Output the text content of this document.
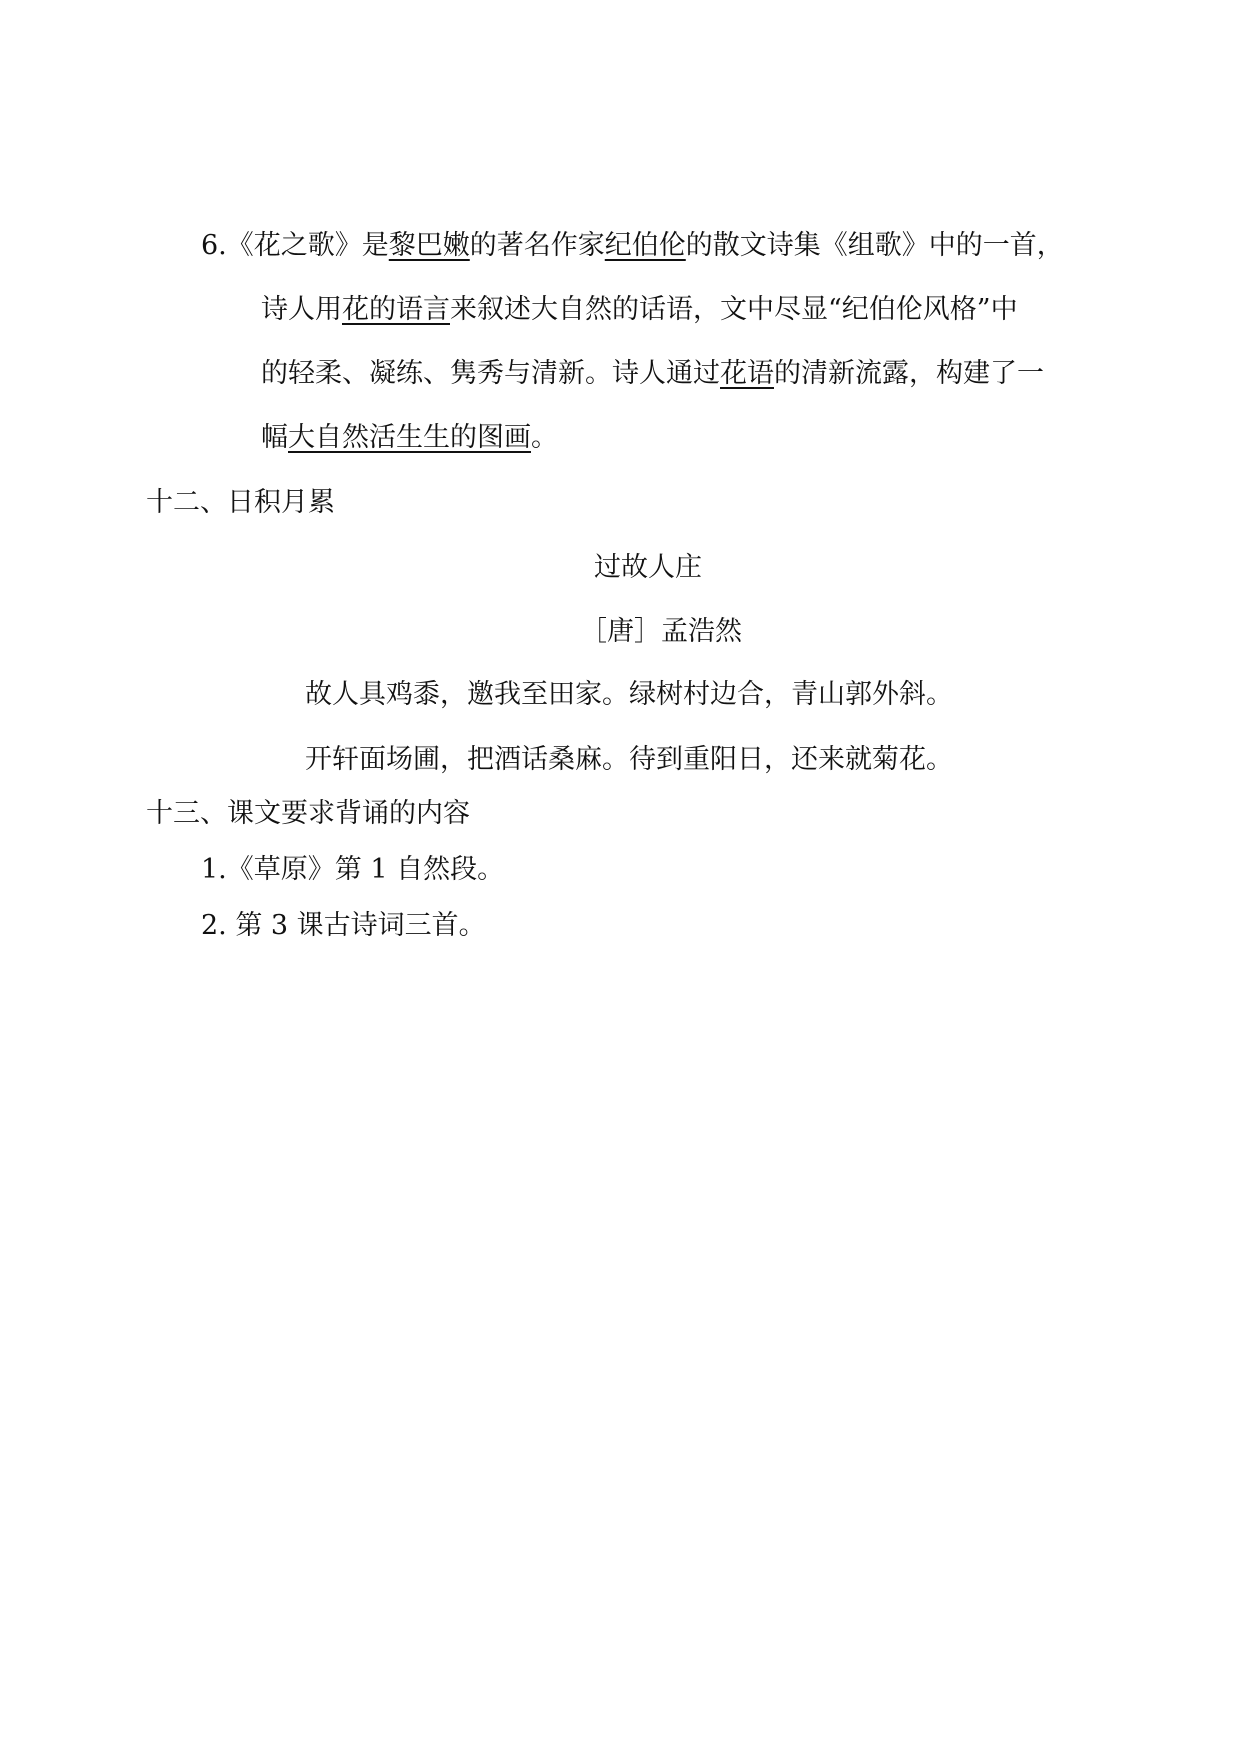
6.《花之歌》是黎巴嫩的著名作家纪伯伦的散文诗集《组歌》中的一首，
诗人用花的语言来叙述大自然的话语，文中尽显“纪伯伦风格”中
的轻柔、凝练、隽秀与清新。诗人通过花语的清新流露，构建了一
幅大自然活生生的图画。
十二、日积月累
过故人庄
［唐］孟浩然
故人具鸡黍，邀我至田家。绿树村边合，青山郭外斜。
开轩面场圃，把酒话桑麻。待到重阳日，还来就菊花。
十三、课文要求背诵的内容
1.《草原》第 1 自然段。
2. 第 3 课古诗词三首。
